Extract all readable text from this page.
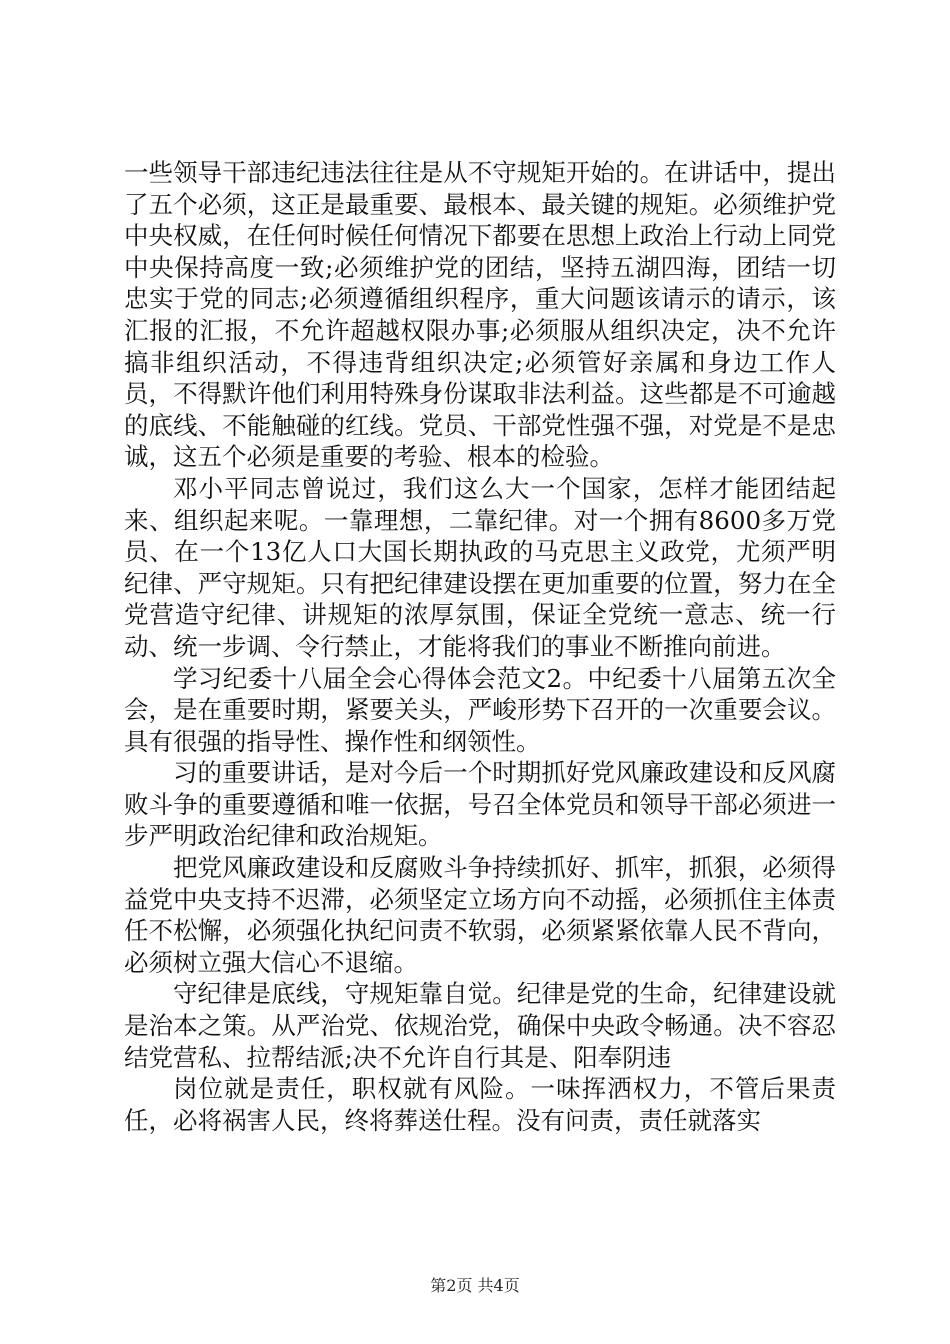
一些领导干部违纪违法往往是从不守规矩开始的。在讲话中，提出了五个必须，这正是最重要、最根本、最关键的规矩。必须维护党中央权威，在任何时候任何情况下都要在思想上政治上行动上同党中央保持高度一致;必须维护党的团结，坚持五湖四海，团结一切忠实于党的同志;必须遵循组织程序，重大问题该请示的请示，该汇报的汇报，不允许超越权限办事;必须服从组织决定，决不允许搞非组织活动，不得违背组织决定;必须管好亲属和身边工作人员，不得默许他们利用特殊身份谋取非法利益。这些都是不可逾越的底线、不能触碰的红线。党员、干部党性强不强，对党是不是忠诚，这五个必须是重要的考验、根本的检验。

邓小平同志曾说过，我们这么大一个国家，怎样才能团结起来、组织起来呢。一靠理想，二靠纪律。对一个拥有8600多万党员、在一个13亿人口大国长期执政的马克思主义政党，尤须严明纪律、严守规矩。只有把纪律建设摆在更加重要的位置，努力在全党营造守纪律、讲规矩的浓厚氛围，保证全党统一意志、统一行动、统一步调、令行禁止，才能将我们的事业不断推向前进。

学习纪委十八届全会心得体会范文2。中纪委十八届第五次全会，是在重要时期，紧要关头，严峻形势下召开的一次重要会议。具有很强的指导性、操作性和纲领性。

习的重要讲话，是对今后一个时期抓好党风廉政建设和反风腐败斗争的重要遵循和唯一依据，号召全体党员和领导干部必须进一步严明政治纪律和政治规矩。

把党风廉政建设和反腐败斗争持续抓好、抓牢，抓狠，必须得益党中央支持不迟滞，必须坚定立场方向不动摇，必须抓住主体责任不松懈，必须强化执纪问责不软弱，必须紧紧依靠人民不背向，必须树立强大信心不退缩。

守纪律是底线，守规矩靠自觉。纪律是党的生命，纪律建设就是治本之策。从严治党、依规治党，确保中央政令畅通。决不容忍结党营私、拉帮结派;决不允许自行其是、阳奉阴违

岗位就是责任，职权就有风险。一味挥洒权力，不管后果责任，必将祸害人民，终将葬送仕程。没有问责，责任就落实

第2页 共4页
